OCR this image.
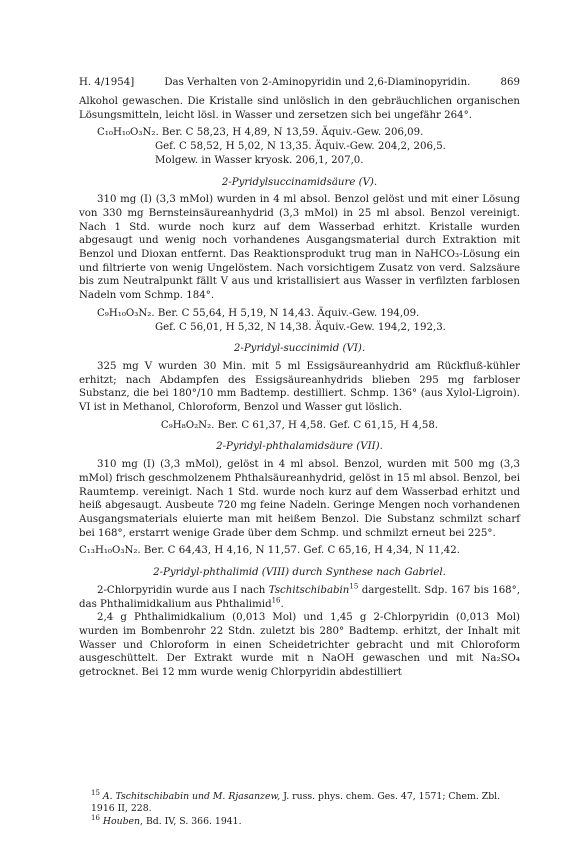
H. 4/1954]	Das Verhalten von 2-Aminopyridin und 2,6-Diaminopyridin.	869

Alkohol gewaschen. Die Kristalle sind unlöslich in den gebräuchlichen organischen Lösungsmitteln, leicht lösl. in Wasser und zersetzen sich bei ungefähr 264°.

C₁₀H₁₀O₃N₂. Ber. C 58,23, H 4,89, N 13,59. Äquiv.-Gew. 206,09.
Gef. C 58,52, H 5,02, N 13,35. Äquiv.-Gew. 204,2, 206,5.
Molgew. in Wasser kryosk. 206,1, 207,0.
2-Pyridylsuccinamidsäure (V).

310 mg (I) (3,3 mMol) wurden in 4 ml absol. Benzol gelöst und mit einer Lösung von 330 mg Bernsteinsäureanhydrid (3,3 mMol) in 25 ml absol. Benzol vereinigt. Nach 1 Std. wurde noch kurz auf dem Wasserbad erhitzt. Kristalle wurden abgesaugt und wenig noch vorhandenes Ausgangsmaterial durch Extraktion mit Benzol und Dioxan entfernt. Das Reaktionsprodukt trug man in NaHCO₃-Lösung ein und filtrierte von wenig Ungelöstem. Nach vorsichtigem Zusatz von verd. Salzsäure bis zum Neutralpunkt fällt V aus und kristallisiert aus Wasser in verfilzten farblosen Nadeln vom Schmp. 184°.

C₉H₁₀O₃N₂. Ber. C 55,64, H 5,19, N 14,43. Äquiv.-Gew. 194,09.
Gef. C 56,01, H 5,32, N 14,38. Äquiv.-Gew. 194,2, 192,3.
2-Pyridyl-succinimid (VI).

325 mg V wurden 30 Min. mit 5 ml Essigsäureanhydrid am Rückfluß-kühler erhitzt; nach Abdampfen des Essigsäureanhydrids blieben 295 mg farbloser Substanz, die bei 180°/10 mm Badtemp. destilliert. Schmp. 136° (aus Xylol-Ligroin). VI ist in Methanol, Chloroform, Benzol und Wasser gut löslich.

C₉H₈O₂N₂. Ber. C 61,37, H 4,58. Gef. C 61,15, H 4,58.
2-Pyridyl-phthalamidsäure (VII).

310 mg (I) (3,3 mMol), gelöst in 4 ml absol. Benzol, wurden mit 500 mg (3,3 mMol) frisch geschmolzenem Phthalsäureanhydrid, gelöst in 15 ml absol. Benzol, bei Raumtemp. vereinigt. Nach 1 Std. wurde noch kurz auf dem Wasserbad erhitzt und heiß abgesaugt. Ausbeute 720 mg feine Nadeln. Geringe Mengen noch vorhandenen Ausgangsmaterials eluierte man mit heißem Benzol. Die Substanz schmilzt scharf bei 168°, erstarrt wenige Grade über dem Schmp. und schmilzt erneut bei 225°.

C₁₃H₁₀O₃N₂. Ber. C 64,43, H 4,16, N 11,57. Gef. C 65,16, H 4,34, N 11,42.
2-Pyridyl-phthalimid (VIII) durch Synthese nach Gabriel.

2-Chlorpyridin wurde aus I nach Tschitschibabin$^{15}$ dargestellt. Sdp. 167 bis 168°, das Phthalimidkalium aus Phthalimid$^{16}$.

2,4 g Phthalimidkalium (0,013 Mol) und 1,45 g 2-Chlorpyridin (0,013 Mol) wurden im Bombenrohr 22 Stdn. zuletzt bis 280° Badtemp. erhitzt, der Inhalt mit Wasser und Chloroform in einen Scheidetrichter gebracht und mit Chloroform ausgeschüttelt. Der Extrakt wurde mit n NaOH gewaschen und mit Na₂SO₄ getrocknet. Bei 12 mm wurde wenig Chlorpyridin abdestilliert

$^{15}$ A. Tschitschibabin und M. Rjasanzew, J. russ. phys. chem. Ges. 47, 1571; Chem. Zbl. 1916 II, 228.

$^{16}$ Houben, Bd. IV, S. 366. 1941.
